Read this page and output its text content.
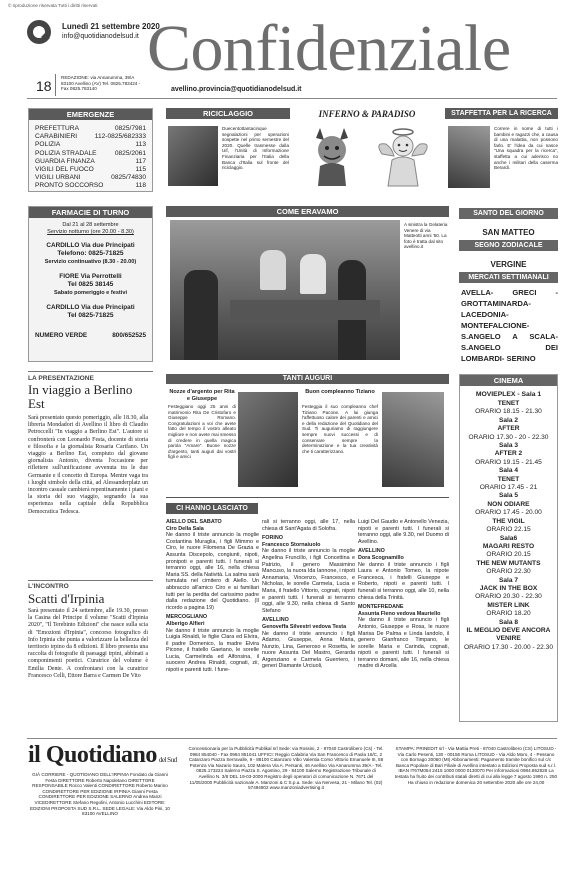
© riproduzione riservata Tutti i diritti riservati
Lunedì 21 settembre 2020
info@quotidianodelsud.it
18
REDAZIONE: via Annarumma, 39/A 83100 Avellino (AV) Tel. 0825.783424 - Fax 0825.783140
Confidenziale
avellino.provincia@quotidianodelsud.it
EMERGENZE
PREFETTURA	0825/7981
CARABINIERI	112-0825/682333
POLIZIA	113
POLIZIA STRADALE	0825/2061
GUARDIA FINANZA	117
VIGILI DEL FUOCO	115
VIGILI URBANI	0825/74830
PRONTO SOCCORSO	118
RICICLAGGIO
Duecentottantacinque segnalazioni per operazioni sospette nel primo semestre del 2020. Quelle trasmesse dalla Uif, l'Unità di Informazione Finanziaria per l'Italia della Banca d'Italia sul fronte del riciclaggio.
INFERNO & PARADISO	STAFFETTA PER LA RICERCA
Correre in nome di tutti i bambini e ragazzi che, a causa di una malattia, non possono farlo. E' l'idea da cui nasce "Una squadra per la ricerca", staffetta a cui aderisco no anche i militari della caserma Berardi.
FARMACIE DI TURNO
Dal 21 al 28 settembre
Servizio notturno (ore 20.00 - 8.30)
CARDILLO Via due Principati
Telefono: 0825-71825
Servizio continuativo (8.30 - 20.00)
FIORE Via Perrottelli
Tel 0825 38145
Sabato pomeriggio e festivi
CARDILLO Via due Principati
Tel 0825-71825
NUMERO VERDE	800/652525
COME ERAVAMO
A sinistra la Gelateria Venere di via Matteotti anni '50. La foto è tratta dal sito avellino.it
SANTO DEL GIORNO
SAN MATTEO
SEGNO ZODIACALE
VERGINE
MERCATI SETTIMANALI
AVELLA- GRECI - GROTTAMINARDA- LACEDONIA- MONTEFALCIONE- S.ANGELO A SCALA- S.ANGELO DEI LOMBARDI- SERINO
LA PRESENTAZIONE
In viaggio a Berlino Est
Sarà presentato questo pomeriggio, alle 18.30, alla libreria Mondadori di Avellino il libro di Claudio Petroccelli "In viaggio a Berlino Est". L'autore si confronterà con Leonardo Festa, docente di storia e filosofia e la giornalista Rosaria Carifano. Un viaggio a Berlino Est, compiuto dal giovane giornalista Antonio, diventa l'occasione per riflettere sull'unificazione avvenuta tra le due Germanie e il concetto di Europa. Mentre vaga tra i luoghi simbolo della città, ad Alessanderplatz un incontro casuale cambierà repentinamente i piani e la storia del suo viaggio, segnando la sua esperienza nella capitale della Repubblica Democratica Tedesca.
L'INCONTRO
Scatti d'Irpinia
Sarà presentato il 24 settembre, alle 19.30, presso la Casina del Principe il volume "Scatti d'Irpinia 2020", "Il Terebinto Edizioni" che nasce sulla scia di "Emozioni d'Irpinia", concorso fotografico di Info Irpinia che punta a valorizzare la bellezza del territorio irpino da 8 edizioni. Il libro presenta una raccolta di fotografie di paesaggi irpini, abbinati a componimenti poetici. Curatrice del volume è Emilia Dente. A confrontarsi con la curatrice Francesco Celli, Ettore Barra e Carmen De Vito
TANTI AUGURI
Nozze d'argento per Rita e Giuseppe
Festeggiano oggi 25 anni di matrimonio Rita De Cristofaro e Giuseppe Romano. Congratulazioni a voi che avete fatto del tempo il vostro alleato migliore e non avete mai smesso di credere in quella magica parola "Amare". Buone nozze d'argento, tanti auguri dai vostri figli e amici
Buon compleanno Tiziano
Festeggia il suo compleanno chef Tiziano Pacone. A lui giunga l'affettuoso calore dei parenti e amici e della redazione del Quotidiano del Sud. Ti auguriamo di raggiungere sempre nuovi successi e di conservare sempre la determinazione e la tua creatività che ti caratterizzano.
CI HANNO LASCIATO
AIELLO DEL SABATO
Ciro Della Sala
Ne danno il triste annuncio la moglie Costantina Muraglia, i figli Mimmo e Ciro, le nuore Filomena De Grazia e Assunta Discepolo, congiunti, nipoti, pronipoti e parenti tutti. I funerali si terranno oggi, alle 16, nella chiesa Maria SS. della Natività. La salma sarà tumulata nel cimitero di Aiello. Un abbraccio all'amico Ciro e ai familiari tutti per la perdita del carissimo padre dalla redazione del Quotidiano. (Il ricordo a pagina 19)
MERCOGLIANO
Alberigo Alfieri
Ne danno il triste annuncio la moglie Luigia Rinaldi, le figlie Clara ed Elvira, il padre Domenico, la madre Elvira Picone, il fratello Gaetano, le sorelle Lucia, Carmelinda ed Alfonsina, il suocero Andrea Rinaldi, cognati, zii, nipoti e parenti tutti. I fune-
rali si terranno oggi, alle 17, nella chiesa di Sant'Agata di Solofra.
FORINO
Francesco Stornaiuolo
Ne danno il triste annuncio la moglie Angelina Fruncillo, i figli Concettina e Patrizio, il genero Massimino Mancuso, la nuora Ida Iannone, i nipoti Annamaria, Vincenzo, Francesco, e Nicholas, le sorelle Carmela, Lucia e Maria, il fratello Vittorio, cognati, nipoti e parenti tutti. I funerali si terranno oggi, alle 9.30, nella chiesa di Santo Stefano
AVELLINO
Genoveffa Silvestri vedova Testa
Ne danno il triste annuncio i figli Adamo, Giuseppe, Anna Maria, Nunzio, Lina, Generoso e Rosetta, le nuore Assunta Del Mastro, Gerarda Argenziano e Carmela Guerriero, i generi Diamante Urciuoli,
Luigi Del Gaudio e Antonello Venezia, nipoti e parenti tutti. I funerali si terranno oggi, alle 9.30, nel Duomo di Avellino.
AVELLINO
Dora Scognamillo
Ne danno il triste annuncio i figli Laura e Antonio Tomeo, la nipote Francesca, i fratelli Giuseppe e Roberto, nipoti e parenti tutti. I funerali si terranno oggi, alle 10, nella chiesa della Trinità.
MONTEFREDANE
Assunta Fleno vedova Mauriello
Ne danno il triste annuncio i figli Antonio, Giuseppe e Rosa, le nuore Marisa De Palma e Linda Iandolo, il genero Gianfranco Timpano, le sorelle Maria e Carinda, cognati, nipoti e parenti tutti. I funerali si terranno domani, alle 16, nella chiesa madre di Arcella
CINEMA
MOVIEPLEX - Sala 1
TENET
ORARIO 18.15 - 21.30
Sala 2
AFTER
ORARIO 17.30 - 20 - 22.30
Sala 3
AFTER 2
ORARIO 19.15 - 21.45
Sala 4
TENET
ORARIO 17.45 - 21
Sala 5
NON ODIARE
ORARIO 17.45 - 20.00
THE VIGIL
ORARIO 22.15
Sala6
MAGARI RESTO
ORARIO 20.15
THE NEW MUTANTS
ORARIO 22.30
Sala 7
JACK IN THE BOX
ORARIO 20.30 - 22.30
MISTER LINK
ORARIO 18.20
Sala 8
IL MEGLIO DEVE ANCORA VENIRE
ORARIO 17.30 - 20.00 - 22.30
il Quotidiano del Sud
GIÀ CORRIERE - QUOTIDIANO DELL'IRPINIA Fondato da Gianni Festa DIRETTORE Roberto Napoletano DIRETTORE RESPONSABILE Rocco Valenti CONDIRETTORE Roberto Marino CONDIRETTORE PER EDIZIONE IRPINIA Gianni Festa CONDIRETTORE PER EDIZIONE SALERNO Andrea Manzi VICEDIRETTORE Stefano Regolini, Antonio Lucchini EDITORE: EDIZIONI PROPOSTA SUD S.R.L. SEDE LEGALE: Via Aldo Pini, 10 83100 AVELLINO
Concessionaria per la Pubblicità Publikal srl Sede: via Rossini, 2 - 87040 Castrolibero (Cs) - Tel. 0984 854040 - Fax 0984 851041 UFFICI: Reggio Calabria Via San Francesco di Paola 16/C, 2 Catanzaro Piazza Serravalle, 9 - 88100 Catanzaro Vibo Valentia Corso Vittorio Emanuele III, 58 Potenza Via Nazario Sauro, 102 Matera Via A. Persanti, 46 Avellino Via Annarumma 39/A - Tel. 0825.173224 Salerno Piazza S. Agostino, 29 - 84100 Salerno Registrazione Tribunale di Avellino N. 3/8 DEL 19-03-2000 Registro degli operatori di comunicazione N. 7671 del 11/05/2000 Pubblicità nazionale A. Manzoni & C S.p.a. Sede: via Nervesa, 21 - Milano Tel. (02) 57494802 www.manzoniadvertising.it
STAMPA: PRINEDIT srl - Via Mattia Preti - 87040 Castrolibero (CS) LITOSUD - Via Carlo Pesenti, 130 - 00156 Roma LITOSUD - Via Aldo Moro, 4 - Pessano con Bornago 20060 (MI) Abbonamenti: Pagamento tramite bonifico sul c/c Banca Popolare di Bari Filiale di Avellino intestato a Edizioni Proposta sud s.r.l. IBAN IT67M054 2415 1000 0000 0130070 Per informazioni 0984.852828 La testata ha fruito dei contributi statali diretti di cui alla legge 7 agosto 1990 n. 250 Ha chiuso in redazione domenica 20 settembre 2020 alle ore 24,00
